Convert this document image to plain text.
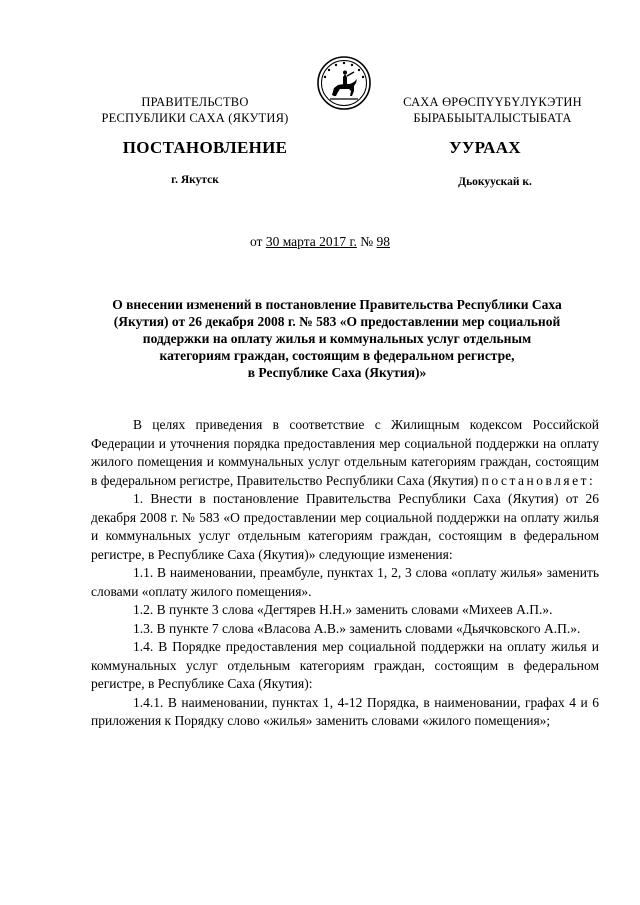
ПРАВИТЕЛЬСТВО
РЕСПУБЛИКИ САХА (ЯКУТИЯ)
САХА ӨРӨСПҮҮБҮЛҮКЭТИН
БЫРАБЫЫТАЛЫСТЫБАТА
ПОСТАНОВЛЕНИЕ	УУРААХ
г. Якутск	Дьокуускай к.
от 30 марта 2017 г. № 98
О внесении изменений в постановление Правительства Республики Саха
(Якутия) от 26 декабря 2008 г. № 583 «О предоставлении мер социальной
поддержки на оплату жилья и коммунальных услуг отдельным
категориям граждан, состоящим в федеральном регистре,
в Республике Саха (Якутия)»

В целях приведения в соответствие с Жилищным кодексом Российской Федерации и уточнения порядка предоставления мер социальной поддержки на оплату жилого помещения и коммунальных услуг отдельным категориям граждан, состоящим в федеральном регистре, Правительство Республики Саха (Якутия) постановляет:

1. Внести в постановление Правительства Республики Саха (Якутия) от 26 декабря 2008 г. № 583 «О предоставлении мер социальной поддержки на оплату жилья и коммунальных услуг отдельным категориям граждан, состоящим в федеральном регистре, в Республике Саха (Якутия)» следующие изменения:

1.1. В наименовании, преамбуле, пунктах 1, 2, 3 слова «оплату жилья» заменить словами «оплату жилого помещения».

1.2. В пункте 3 слова «Дегтярев Н.Н.» заменить словами «Михеев А.П.».

1.3. В пункте 7 слова «Власова А.В.» заменить словами «Дьячковского А.П.».

1.4. В Порядке предоставления мер социальной поддержки на оплату жилья и коммунальных услуг отдельным категориям граждан, состоящим в федеральном регистре, в Республике Саха (Якутия):

1.4.1. В наименовании, пунктах 1, 4-12 Порядка, в наименовании, графах 4 и 6 приложения к Порядку слово «жилья» заменить словами «жилого помещения»;
